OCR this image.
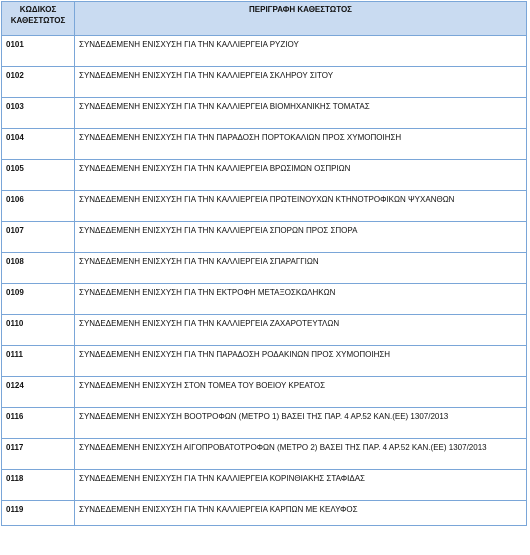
ΚΩΔΙΚΟΣ ΚΑΘΕΣΤΩΤΟΣ	ΠΕΡΙΓΡΑΦΗ ΚΑΘΕΣΤΩΤΟΣ
0101	ΣΥΝΔΕΔΕΜΕΝΗ ΕΝΙΣΧΥΣΗ ΓΙΑ ΤΗΝ ΚΑΛΛΙΕΡΓΕΙΑ ΡΥΖΙΟΥ
0102	ΣΥΝΔΕΔΕΜΕΝΗ ΕΝΙΣΧΥΣΗ ΓΙΑ ΤΗΝ ΚΑΛΛΙΕΡΓΕΙΑ ΣΚΛΗΡΟΥ ΣΙΤΟΥ
0103	ΣΥΝΔΕΔΕΜΕΝΗ ΕΝΙΣΧΥΣΗ ΓΙΑ ΤΗΝ ΚΑΛΛΙΕΡΓΕΙΑ ΒΙΟΜΗΧΑΝΙΚΗΣ ΤΟΜΑΤΑΣ
0104	ΣΥΝΔΕΔΕΜΕΝΗ ΕΝΙΣΧΥΣΗ ΓΙΑ ΤΗΝ ΠΑΡΑΔΟΣΗ ΠΟΡΤΟΚΑΛΙΩΝ ΠΡΟΣ ΧΥΜΟΠΟΙΗΣΗ
0105	ΣΥΝΔΕΔΕΜΕΝΗ ΕΝΙΣΧΥΣΗ ΓΙΑ ΤΗΝ ΚΑΛΛΙΕΡΓΕΙΑ ΒΡΩΣΙΜΩΝ ΟΣΠΡΙΩΝ
0106	ΣΥΝΔΕΔΕΜΕΝΗ ΕΝΙΣΧΥΣΗ ΓΙΑ ΤΗΝ ΚΑΛΛΙΕΡΓΕΙΑ ΠΡΩΤΕΙΝΟΥΧΩΝ ΚΤΗΝΟΤΡΟΦΙΚΩΝ ΨΥΧΑΝΘΩΝ
0107	ΣΥΝΔΕΔΕΜΕΝΗ ΕΝΙΣΧΥΣΗ ΓΙΑ ΤΗΝ ΚΑΛΛΙΕΡΓΕΙΑ ΣΠΟΡΩΝ ΠΡΟΣ ΣΠΟΡΑ
0108	ΣΥΝΔΕΔΕΜΕΝΗ ΕΝΙΣΧΥΣΗ ΓΙΑ ΤΗΝ ΚΑΛΛΙΕΡΓΕΙΑ ΣΠΑΡΑΓΓΙΩΝ
0109	ΣΥΝΔΕΔΕΜΕΝΗ ΕΝΙΣΧΥΣΗ ΓΙΑ ΤΗΝ ΕΚΤΡΟΦΗ ΜΕΤΑΞΟΣΚΩΛΗΚΩΝ
0110	ΣΥΝΔΕΔΕΜΕΝΗ ΕΝΙΣΧΥΣΗ ΓΙΑ ΤΗΝ ΚΑΛΛΙΕΡΓΕΙΑ ΖΑΧΑΡΟΤΕΥΤΛΩΝ
0111	ΣΥΝΔΕΔΕΜΕΝΗ ΕΝΙΣΧΥΣΗ ΓΙΑ ΤΗΝ ΠΑΡΑΔΟΣΗ ΡΟΔΑΚΙΝΩΝ ΠΡΟΣ ΧΥΜΟΠΟΙΗΣΗ
0124	ΣΥΝΔΕΔΕΜΕΝΗ ΕΝΙΣΧΥΣΗ ΣΤΟΝ ΤΟΜΕΑ ΤΟΥ ΒΟΕΙΟΥ ΚΡΕΑΤΟΣ
0116	ΣΥΝΔΕΔΕΜΕΝΗ ΕΝΙΣΧΥΣΗ ΒΟΟΤΡΟΦΩΝ (ΜΕΤΡΟ 1) ΒΑΣΕΙ ΤΗΣ ΠΑΡ. 4 ΑΡ.52 ΚΑΝ.(ΕΕ) 1307/2013
0117	ΣΥΝΔΕΔΕΜΕΝΗ ΕΝΙΣΧΥΣΗ ΑΙΓΟΠΡΟΒΑΤΟΤΡΟΦΩΝ (ΜΕΤΡΟ 2) ΒΑΣΕΙ ΤΗΣ ΠΑΡ. 4 ΑΡ.52 ΚΑΝ.(ΕΕ) 1307/2013
0118	ΣΥΝΔΕΔΕΜΕΝΗ ΕΝΙΣΧΥΣΗ ΓΙΑ ΤΗΝ ΚΑΛΛΙΕΡΓΕΙΑ ΚΟΡΙΝΘΙΑΚΗΣ ΣΤΑΦΙΔΑΣ
0119	ΣΥΝΔΕΔΕΜΕΝΗ ΕΝΙΣΧΥΣΗ ΓΙΑ ΤΗΝ ΚΑΛΛΙΕΡΓΕΙΑ ΚΑΡΠΩΝ ΜΕ ΚΕΛΥΦΟΣ
